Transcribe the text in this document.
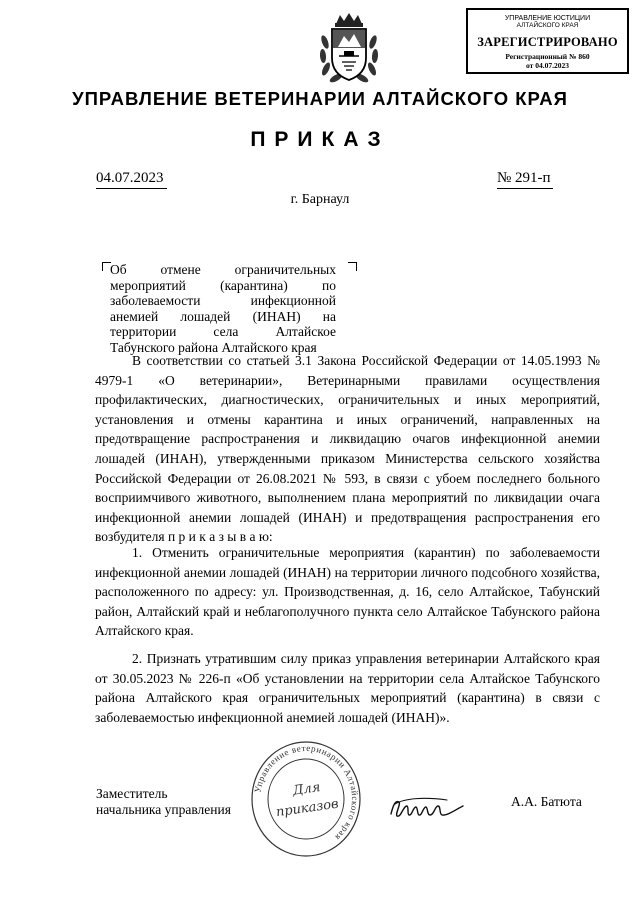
УПРАВЛЕНИЕ ЮСТИЦИИ
АЛТАЙСКОГО КРАЯ
ЗАРЕГИСТРИРОВАНО
Регистрационный № 860
от 04.07.2023
УПРАВЛЕНИЕ ВЕТЕРИНАРИИ АЛТАЙСКОГО КРАЯ
ПРИКАЗ
04.07.2023	№ 291-п
г. Барнаул
Об отмене ограничительных мероприятий (карантина) по заболеваемости инфекционной анемией лошадей (ИНАН) на территории села Алтайское Табунского района Алтайского края
В соответствии со статьей 3.1 Закона Российской Федерации от 14.05.1993 № 4979-1 «О ветеринарии», Ветеринарными правилами осуществления профилактических, диагностических, ограничительных и иных мероприятий, установления и отмены карантина и иных ограничений, направленных на предотвращение распространения и ликвидацию очагов инфекционной анемии лошадей (ИНАН), утвержденными приказом Министерства сельского хозяйства Российской Федерации от 26.08.2021 № 593, в связи с убоем последнего больного восприимчивого животного, выполнением плана мероприятий по ликвидации очага инфекционной анемии лошадей (ИНАН) и предотвращения распространения его возбудителя п р и к а з ы в а ю:
1. Отменить ограничительные мероприятия (карантин) по заболеваемости инфекционной анемии лошадей (ИНАН) на территории личного подсобного хозяйства, расположенного по адресу: ул. Производственная, д. 16, село Алтайское, Табунский район, Алтайский край и неблагополучного пункта село Алтайское Табунского района Алтайского края.
2. Признать утратившим силу приказ управления ветеринарии Алтайского края от 30.05.2023 № 226-п «Об установлении на территории села Алтайское Табунского района Алтайского края ограничительных мероприятий (карантина) в связи с заболеваемостью инфекционной анемией лошадей (ИНАН)».
Заместитель
начальника управления
Управление ветеринарии Алтайского края
Для
приказов	А.А. Батюта
